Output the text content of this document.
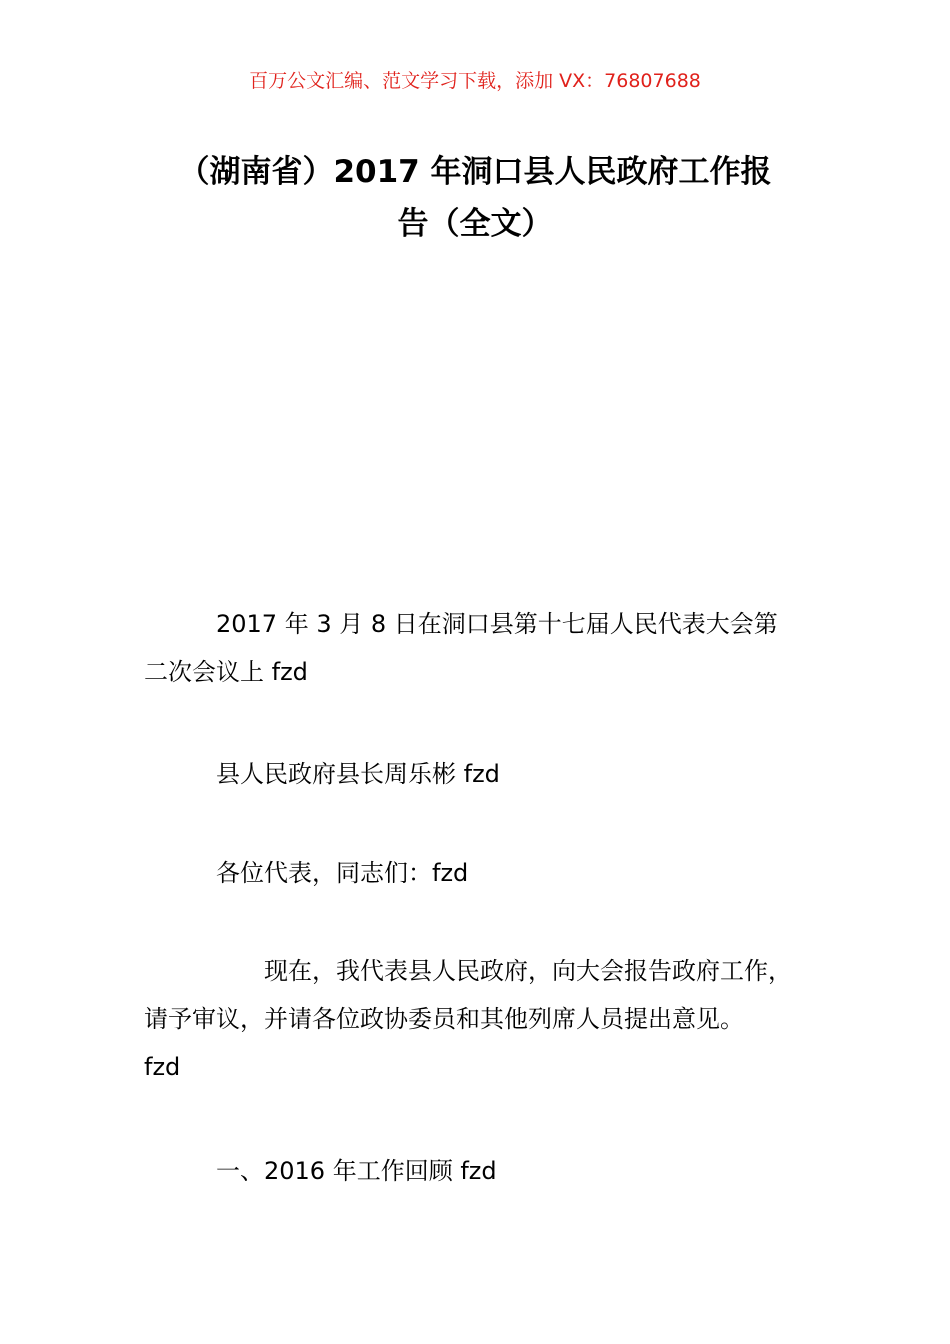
百万公文汇编、范文学习下载，添加 VX：76807688
（湖南省）2017 年洞口县人民政府工作报
告（全文）
　　　2017 年 3 月 8 日在洞口县第十七届人民代表大会第
二次会议上 fzd
　　　县人民政府县长周乐彬 fzd
　　　各位代表，同志们：fzd
　　　　　现在，我代表县人民政府，向大会报告政府工作，
请予审议，并请各位政协委员和其他列席人员提出意见。
fzd
　　　一、2016 年工作回顾 fzd
